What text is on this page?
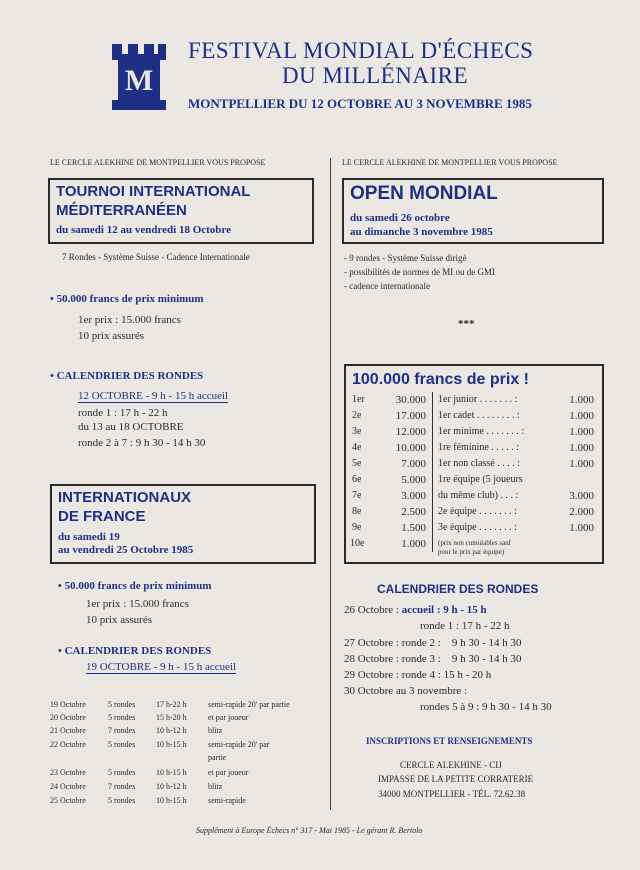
M
FESTIVAL MONDIAL D'ÉCHECS
DU MILLÉNAIRE
MONTPELLIER DU 12 OCTOBRE AU 3 NOVEMBRE 1985
LE CERCLE ALEKHINE DE MONTPELLIER VOUS PROPOSE
TOURNOI INTERNATIONAL
MÉDITERRANÉEN
du samedi 12 au vendredi 18 Octobre
7 Rondes - Système Suisse - Cadence Internationale
• 50.000 francs de prix minimum
1er prix : 15.000 francs
10 prix assurés
• CALENDRIER DES RONDES
12 OCTOBRE - 9 h - 15 h accueil
ronde 1 : 17 h - 22 h
du 13 au 18 OCTOBRE
ronde 2 à 7 : 9 h 30 - 14 h 30
INTERNATIONAUX
DE FRANCE
du samedi 19
au vendredi 25 Octobre 1985
• 50.000 francs de prix minimum
1er prix : 15.000 francs
10 prix assurés
• CALENDRIER DES RONDES
19 OCTOBRE - 9 h - 15 h accueil
19 Octobre	5 rondes	17 h-22 h	semi-rapide 20' par partie
20 Octobre	5 rondes	15 h-20 h	et par joueur
21 Octobre	7 rondes	10 h-12 h	blitz
22 Octobre	5 rondes	10 h-15 h	semi-rapide 20' par
partie
23 Octobre	5 rondes	10 h-15 h	et par joueur
24 Octobre	7 rondes	10 h-12 h	blitz
25 Octobre	5 rondes	10 h-15 h	semi-rapide
LE CERCLE ALEKHINE DE MONTPELLIER VOUS PROPOSE
OPEN MONDIAL
du samedi 26 octobre
au dimanche 3 novembre 1985
- 9 rondes - Système Suisse dirigé
- possibilités de normes de MI ou de GMI
- cadence internationale
***
100.000 francs de prix !
1er	30.000
2e	17.000
3e	12.000
4e	10.000
5e	7.000
6e	5.000
7e	3.000
8e	2.500
9e	1.500
10e	1.000
1er junior . . . . . . . :	1.000
1er cadet . . . . . . . . :	1.000
1er minime . . . . . . . :	1.000
1re féminine . . . . . :	1.000
1er non classé . . . . :	1.000
1re équipe (5 joueurs
du même club) . . . :	3.000
2e équipe . . . . . . . :	2.000
3e équipe . . . . . . . :	1.000
(prix non cumulables sauf
pour le prix par équipe)
CALENDRIER DES RONDES
26 Octobre : accueil : 9 h - 15 h
ronde 1 : 17 h - 22 h
27 Octobre : ronde 2 :    9 h 30 - 14 h 30
28 Octobre : ronde 3 :    9 h 30 - 14 h 30
29 Octobre : ronde 4 : 15 h - 20 h
30 Octobre au 3 novembre :
rondes 5 à 9 : 9 h 30 - 14 h 30
INSCRIPTIONS ET RENSEIGNEMENTS
CERCLE ALEKHINE - CIJ
IMPASSE DE LA PETITE CORRATERIE
34000 MONTPELLIER - TÉL. 72.62.38
Supplément à Europe Échecs n° 317 - Mai 1985 - Le gérant R. Bertolo
